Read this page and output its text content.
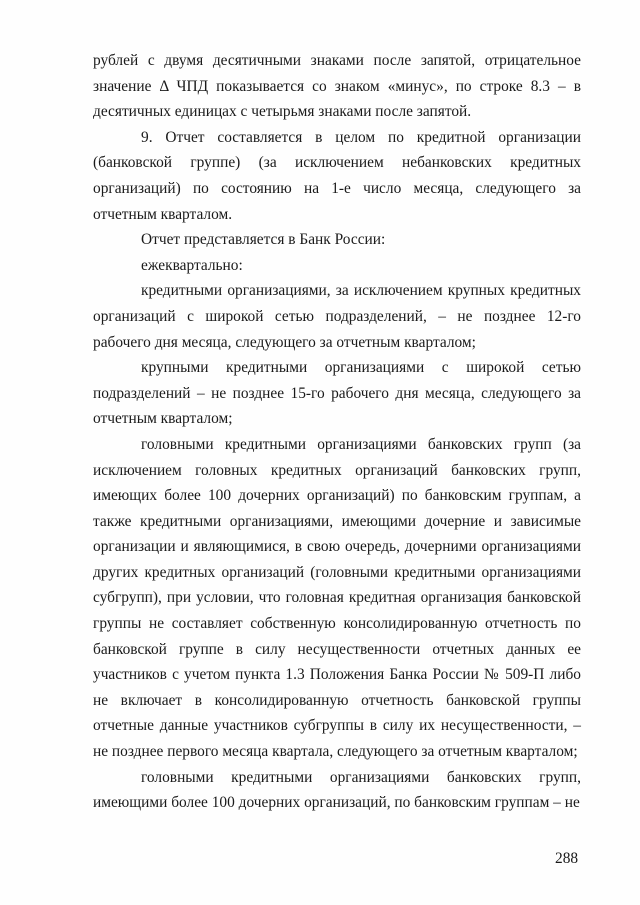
рублей с двумя десятичными знаками после запятой, отрицательное значение Δ ЧПД показывается со знаком «минус», по строке 8.3 – в десятичных единицах с четырьмя знаками после запятой.

9. Отчет составляется в целом по кредитной организации (банковской группе) (за исключением небанковских кредитных организаций) по состоянию на 1-е число месяца, следующего за отчетным кварталом.

Отчет представляется в Банк России:

ежеквартально:

кредитными организациями, за исключением крупных кредитных организаций с широкой сетью подразделений, – не позднее 12-го рабочего дня месяца, следующего за отчетным кварталом;

крупными кредитными организациями с широкой сетью подразделений – не позднее 15-го рабочего дня месяца, следующего за отчетным кварталом;

головными кредитными организациями банковских групп (за исключением головных кредитных организаций банковских групп, имеющих более 100 дочерних организаций) по банковским группам, а также кредитными организациями, имеющими дочерние и зависимые организации и являющимися, в свою очередь, дочерними организациями других кредитных организаций (головными кредитными организациями субгрупп), при условии, что головная кредитная организация банковской группы не составляет собственную консолидированную отчетность по банковской группе в силу несущественности отчетных данных ее участников с учетом пункта 1.3 Положения Банка России № 509-П либо не включает в консолидированную отчетность банковской группы отчетные данные участников субгруппы в силу их несущественности, – не позднее первого месяца квартала, следующего за отчетным кварталом;

головными кредитными организациями банковских групп, имеющими более 100 дочерних организаций, по банковским группам – не

288
